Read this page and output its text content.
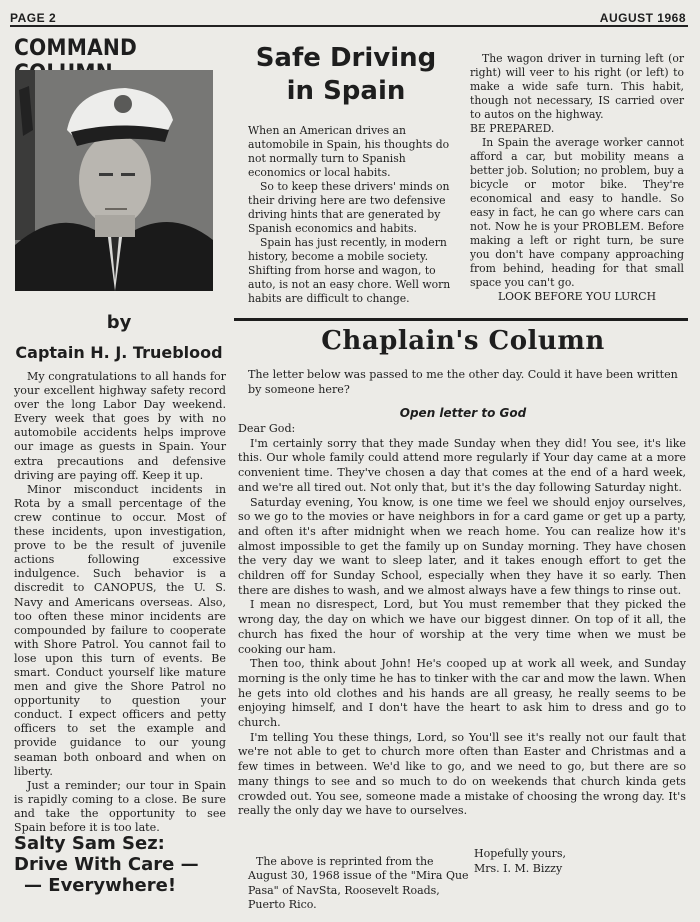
PAGE 2	AUGUST 1968
COMMAND
by
Captain H. J. Trueblood

My congratulations to all hands for your excellent highway safety record over the long Labor Day weekend. Every week that goes by with no automobile accidents helps improve our image as guests in Spain. Your extra precautions and defensive driving are paying off. Keep it up.

Minor misconduct incidents in Rota by a small percentage of the crew continue to occur. Most of these incidents, upon investigation, prove to be the result of juvenile actions following excessive indulgence. Such behavior is a discredit to CANOPUS, the U. S. Navy and Americans overseas. Also, too often these minor incidents are compounded by failure to cooperate with Shore Patrol. You cannot fail to lose upon this turn of events. Be smart. Conduct yourself like mature men and give the Shore Patrol no opportunity to question your conduct. I expect officers and petty officers to set the example and provide guidance to our young seaman both onboard and when on liberty.

Just a reminder; our tour in Spain is rapidly coming to a close. Be sure and take the opportunity to see Spain before it is too late.

Salty Sam Sez:
Drive With Care —
— Everywhere!
Safe Driving
in Spain

When an American drives an automobile in Spain, his thoughts do not normally turn to Spanish economics or local habits.

So to keep these drivers' minds on their driving here are two defensive driving hints that are generated by Spanish economics and habits.

Spain has just recently, in modern history, become a mobile society. Shifting from horse and wagon, to auto, is not an easy chore. Well worn habits are difficult to change.

The wagon driver in turning left (or right) will veer to his right (or left) to make a wide safe turn. This habit, though not necessary, IS carried over to autos on the highway.

BE PREPARED.

In Spain the average worker cannot afford a car, but mobility means a better job. Solution; no problem, buy a bicycle or motor bike. They're economical and easy to handle. So easy in fact, he can go where cars can not. Now he is your PROBLEM. Before making a left or right turn, be sure you don't have company approaching from behind, heading for that small space you can't go.

LOOK BEFORE YOU LURCH

Chaplain's Column
The letter below was passed to me the other day. Could it have been written by someone here?
Open letter to God

Dear God:

I'm certainly sorry that they made Sunday when they did! You see, it's like this. Our whole family could attend more regularly if Your day came at a more convenient time. They've chosen a day that comes at the end of a hard week, and we're all tired out. Not only that, but it's the day following Saturday night.

Saturday evening, You know, is one time we feel we should enjoy ourselves, so we go to the movies or have neighbors in for a card game or get up a party, and often it's after midnight when we reach home. You can realize how it's almost impossible to get the family up on Sunday morning. They have chosen the very day we want to sleep later, and it takes enough effort to get the children off for Sunday School, especially when they have it so early. Then there are dishes to wash, and we almost always have a few things to rinse out.

I mean no disrespect, Lord, but You must remember that they picked the wrong day, the day on which we have our biggest dinner. On top of it all, the church has fixed the hour of worship at the very time when we must be cooking our ham.

Then too, think about John! He's cooped up at work all week, and Sunday morning is the only time he has to tinker with the car and mow the lawn. When he gets into old clothes and his hands are all greasy, he really seems to be enjoying himself, and I don't have the heart to ask him to dress and go to church.

I'm telling You these things, Lord, so You'll see it's really not our fault that we're not able to get to church more often than Easter and Christmas and a few times in between. We'd like to go, and we need to go, but there are so many things to see and so much to do on weekends that church kinda gets crowded out. You see, someone made a mistake of choosing the wrong day. It's really the only day we have to ourselves.

The above is reprinted from the August 30, 1968 issue of the "Mira Que Pasa" of NavSta, Roosevelt Roads, Puerto Rico.

Hopefully yours,
Mrs. I. M. Bizzy
